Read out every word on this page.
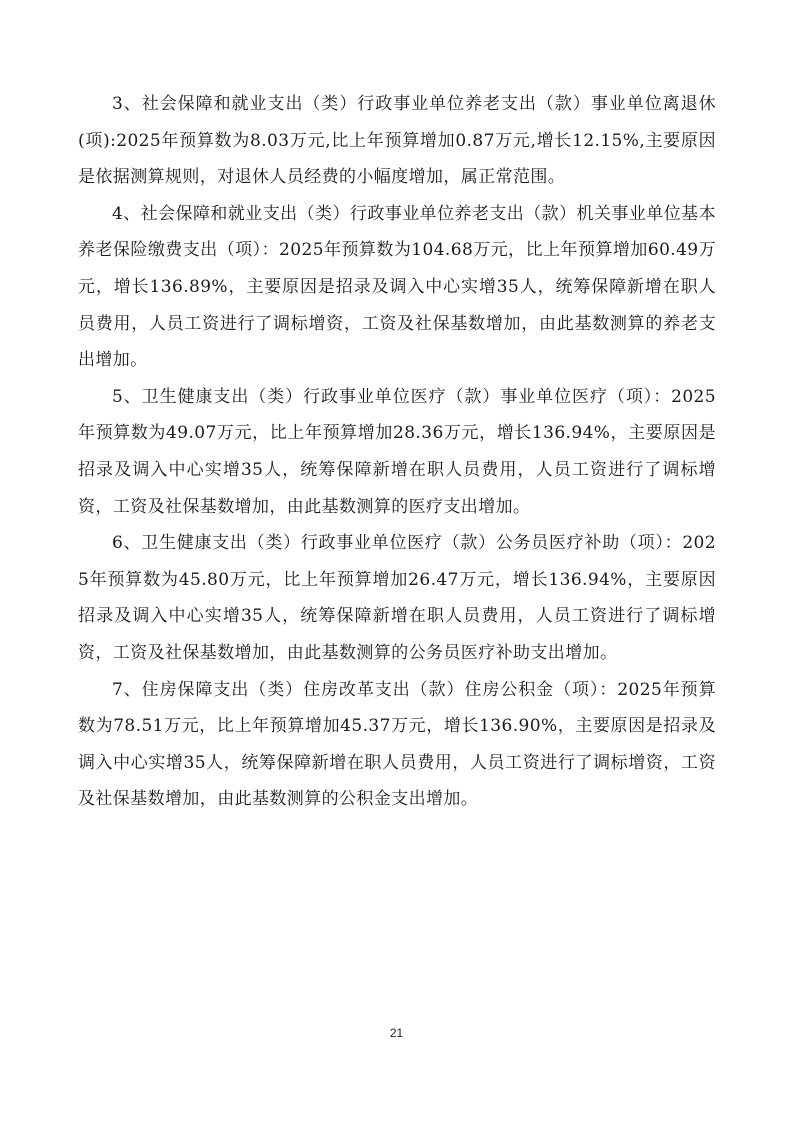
3、社会保障和就业支出（类）行政事业单位养老支出（款）事业单位离退休(项):2025年预算数为8.03万元,比上年预算增加0.87万元,增长12.15%,主要原因是依据测算规则，对退休人员经费的小幅度增加，属正常范围。

4、社会保障和就业支出（类）行政事业单位养老支出（款）机关事业单位基本养老保险缴费支出（项）：2025年预算数为104.68万元，比上年预算增加60.49万元，增长136.89%，主要原因是招录及调入中心实增35人，统筹保障新增在职人员费用，人员工资进行了调标增资，工资及社保基数增加，由此基数测算的养老支出增加。

5、卫生健康支出（类）行政事业单位医疗（款）事业单位医疗（项）：2025年预算数为49.07万元，比上年预算增加28.36万元，增长136.94%，主要原因是招录及调入中心实增35人，统筹保障新增在职人员费用，人员工资进行了调标增资，工资及社保基数增加，由此基数测算的医疗支出增加。

6、卫生健康支出（类）行政事业单位医疗（款）公务员医疗补助（项）：2025年预算数为45.80万元，比上年预算增加26.47万元，增长136.94%，主要原因招录及调入中心实增35人，统筹保障新增在职人员费用，人员工资进行了调标增资，工资及社保基数增加，由此基数测算的公务员医疗补助支出增加。

7、住房保障支出（类）住房改革支出（款）住房公积金（项）：2025年预算数为78.51万元，比上年预算增加45.37万元，增长136.90%，主要原因是招录及调入中心实增35人，统筹保障新增在职人员费用，人员工资进行了调标增资，工资及社保基数增加，由此基数测算的公积金支出增加。

21
